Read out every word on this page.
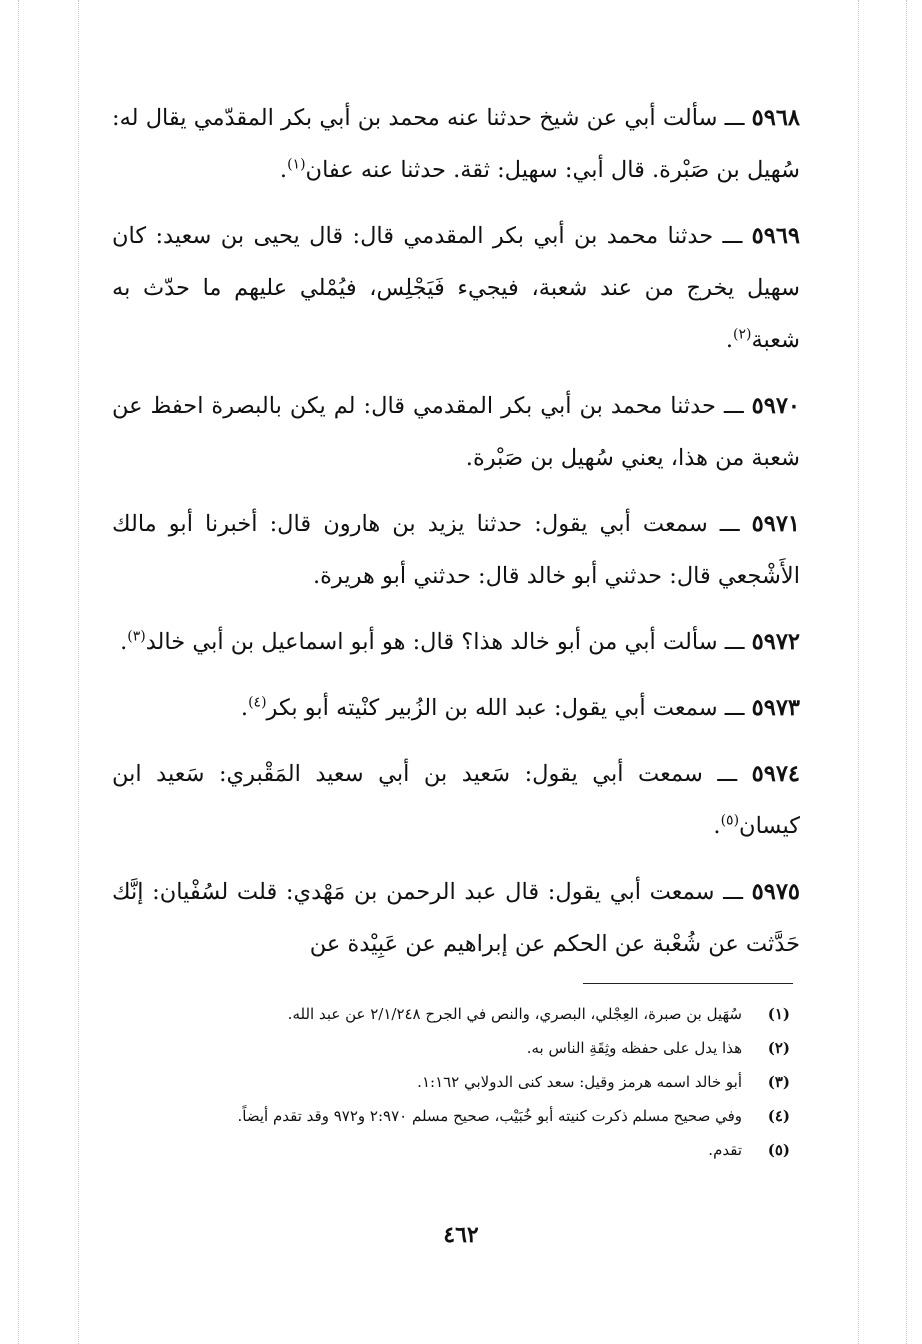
٥٩٦٨ ـــ سألت أبي عن شيخ حدثنا عنه محمد بن أبي بكر المقدّمي يقال له: سُهيل بن صَبْرة. قال أبي: سهيل: ثقة. حدثنا عنه عفان$^{(١)}$.

٥٩٦٩ ـــ حدثنا محمد بن أبي بكر المقدمي قال: قال يحيى بن سعيد: كان سهيل يخرج من عند شعبة، فيجيء فَيَجْلِس، فيُمْلي عليهم ما حدّث به شعبة$^{(٢)}$.

٥٩٧٠ ـــ حدثنا محمد بن أبي بكر المقدمي قال: لم يكن بالبصرة احفظ عن شعبة من هذا، يعني سُهيل بن صَبْرة.

٥٩٧١ ـــ سمعت أبي يقول: حدثنا يزيد بن هارون قال: أخبرنا أبو مالك الأَشْجعي قال: حدثني أبو خالد قال: حدثني أبو هريرة.

٥٩٧٢ ـــ سألت أبي من أبو خالد هذا؟ قال: هو أبو اسماعيل بن أبي خالد$^{(٣)}$.

٥٩٧٣ ـــ سمعت أبي يقول: عبد الله بن الزُبير كنْيته أبو بكر$^{(٤)}$.

٥٩٧٤ ـــ سمعت أبي يقول: سَعيد بن أبي سعيد المَقْبري: سَعيد ابن كيسان$^{(٥)}$.

٥٩٧٥ ـــ سمعت أبي يقول: قال عبد الرحمن بن مَهْدي: قلت لسُفْيان: إنَّك حَدَّثت عن شُعْبة عن الحكم عن إبراهيم عن عَبِيْدة عن

(١)
سُهَيل بن صبرة، العِجْلي، البصري، والنص في الجرح ٢/١/٢٤٨ عن عبد الله.
(٢)
هذا يدل على حفظه وثِقَةِ الناس به.
(٣)
أبو خالد اسمه هرمز وقيل: سعد كنى الدولابي ١:١٦٢.
(٤)
وفي صحيح مسلم ذكرت كنيته أبو خُبَيْب، صحيح مسلم ٢:٩٧٠ و٩٧٢ وقد تقدم أيضاً.
(٥)
تقدم.
٤٦٢
